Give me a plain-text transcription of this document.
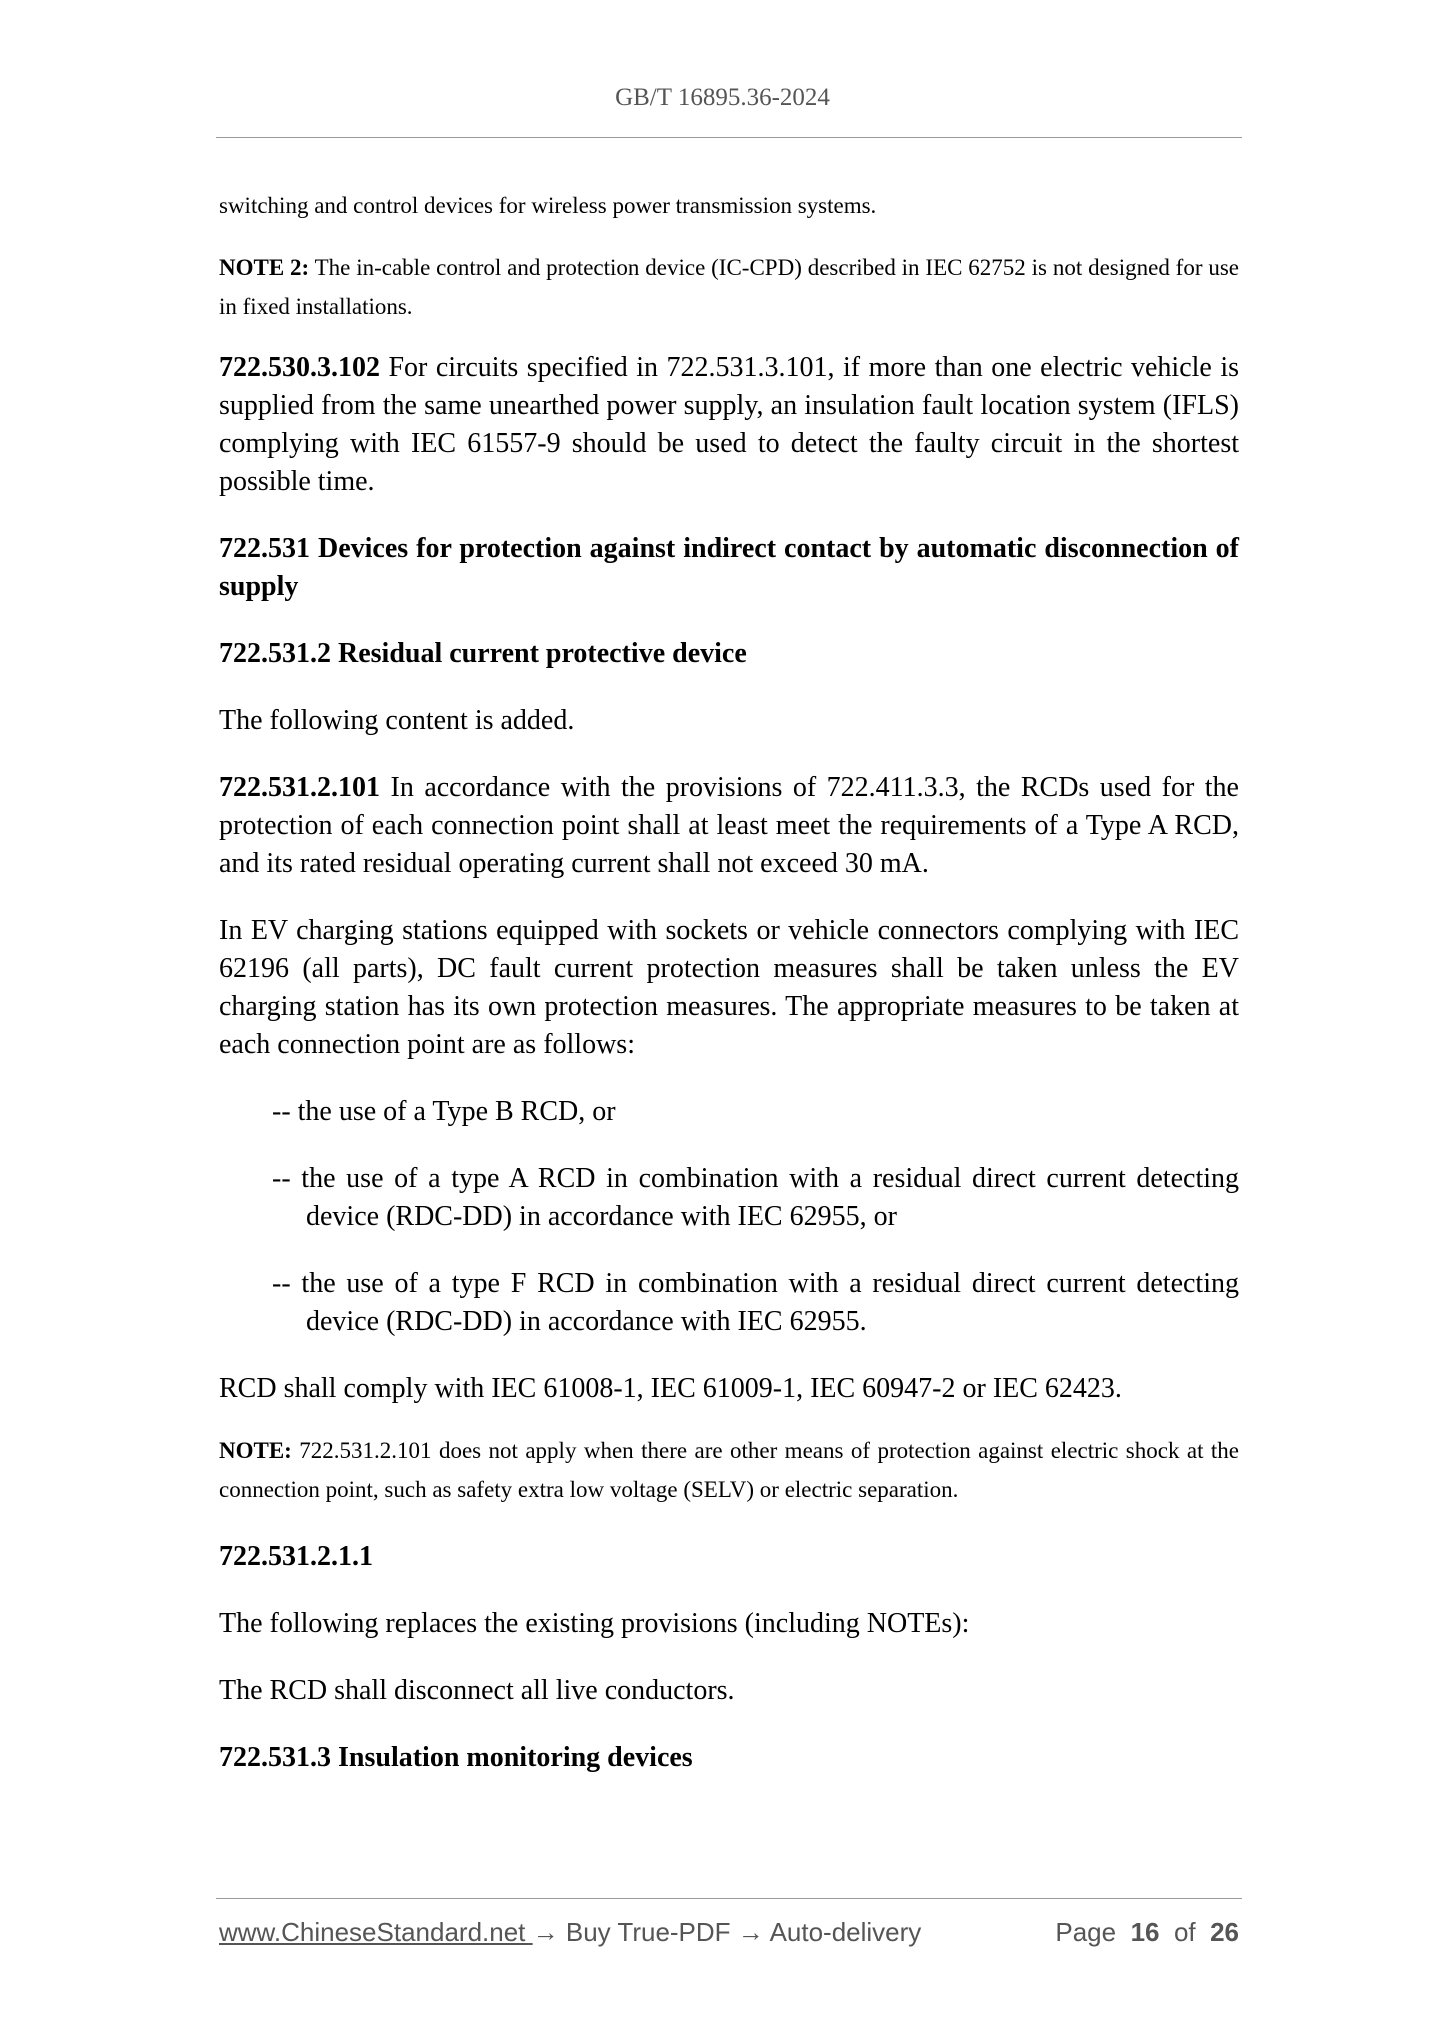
GB/T 16895.36-2024

switching and control devices for wireless power transmission systems.

NOTE 2: The in-cable control and protection device (IC-CPD) described in IEC 62752 is not designed for use in fixed installations.

722.530.3.102 For circuits specified in 722.531.3.101, if more than one electric vehicle is supplied from the same unearthed power supply, an insulation fault location system (IFLS) complying with IEC 61557-9 should be used to detect the faulty circuit in the shortest possible time.

722.531 Devices for protection against indirect contact by automatic disconnection of supply

722.531.2 Residual current protective device

The following content is added.

722.531.2.101 In accordance with the provisions of 722.411.3.3, the RCDs used for the protection of each connection point shall at least meet the requirements of a Type A RCD, and its rated residual operating current shall not exceed 30 mA.

In EV charging stations equipped with sockets or vehicle connectors complying with IEC 62196 (all parts), DC fault current protection measures shall be taken unless the EV charging station has its own protection measures. The appropriate measures to be taken at each connection point are as follows:

-- the use of a Type B RCD, or

-- the use of a type A RCD in combination with a residual direct current detecting device (RDC-DD) in accordance with IEC 62955, or

-- the use of a type F RCD in combination with a residual direct current detecting device (RDC-DD) in accordance with IEC 62955.

RCD shall comply with IEC 61008-1, IEC 61009-1, IEC 60947-2 or IEC 62423.

NOTE: 722.531.2.101 does not apply when there are other means of protection against electric shock at the connection point, such as safety extra low voltage (SELV) or electric separation.

722.531.2.1.1

The following replaces the existing provisions (including NOTEs):

The RCD shall disconnect all live conductors.

722.531.3 Insulation monitoring devices

www.ChineseStandard.net → Buy True-PDF → Auto-delivery	Page 16 of 26
